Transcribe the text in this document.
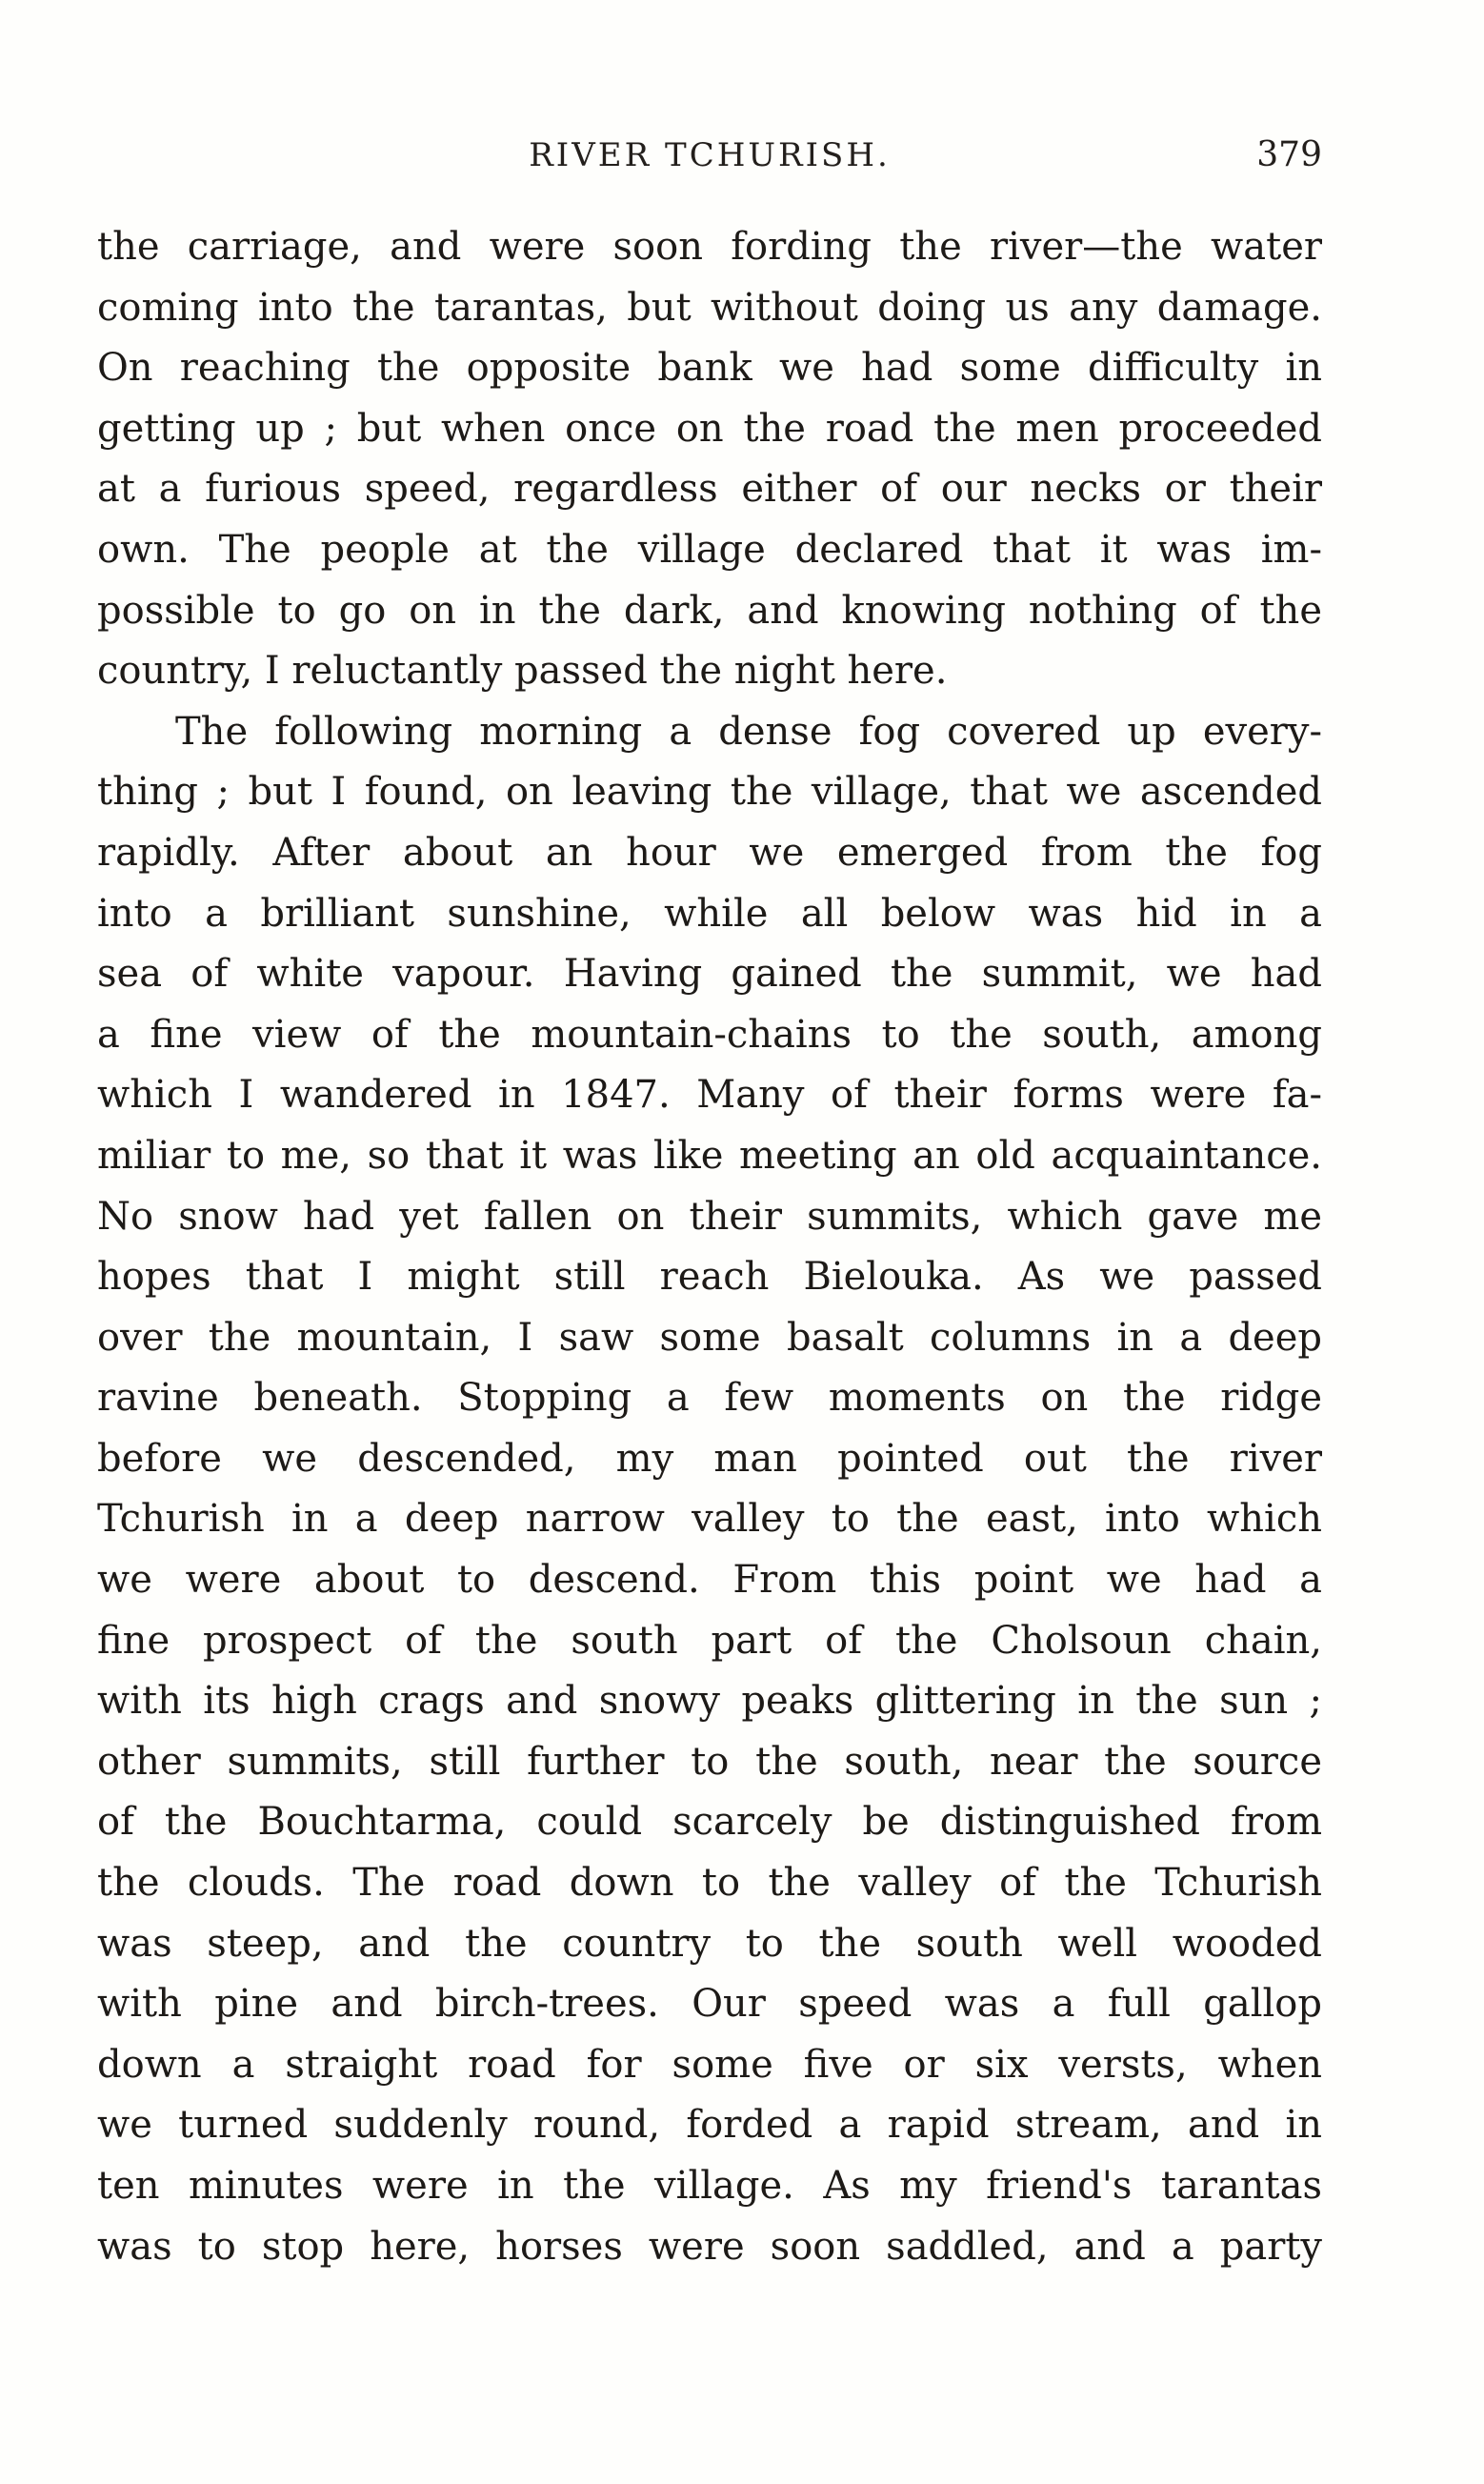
RIVER TCHURISH.	379
the carriage, and were soon fording the river—the water
coming into the tarantas, but without doing us any damage.
On reaching the opposite bank we had some difficulty in
getting up ; but when once on the road the men proceeded
at a furious speed, regardless either of our necks or their
own. The people at the village declared that it was im-
possible to go on in the dark, and knowing nothing of the
country, I reluctantly passed the night here.
The following morning a dense fog covered up every-
thing ; but I found, on leaving the village, that we ascended
rapidly. After about an hour we emerged from the fog
into a brilliant sunshine, while all below was hid in a
sea of white vapour. Having gained the summit, we had
a fine view of the mountain-chains to the south, among
which I wandered in 1847. Many of their forms were fa-
miliar to me, so that it was like meeting an old acquaintance.
No snow had yet fallen on their summits, which gave me
hopes that I might still reach Bielouka. As we passed
over the mountain, I saw some basalt columns in a deep
ravine beneath. Stopping a few moments on the ridge
before we descended, my man pointed out the river
Tchurish in a deep narrow valley to the east, into which
we were about to descend. From this point we had a
fine prospect of the south part of the Cholsoun chain,
with its high crags and snowy peaks glittering in the sun ;
other summits, still further to the south, near the source
of the Bouchtarma, could scarcely be distinguished from
the clouds. The road down to the valley of the Tchurish
was steep, and the country to the south well wooded
with pine and birch-trees. Our speed was a full gallop
down a straight road for some five or six versts, when
we turned suddenly round, forded a rapid stream, and in
ten minutes were in the village. As my friend's tarantas
was to stop here, horses were soon saddled, and a party
